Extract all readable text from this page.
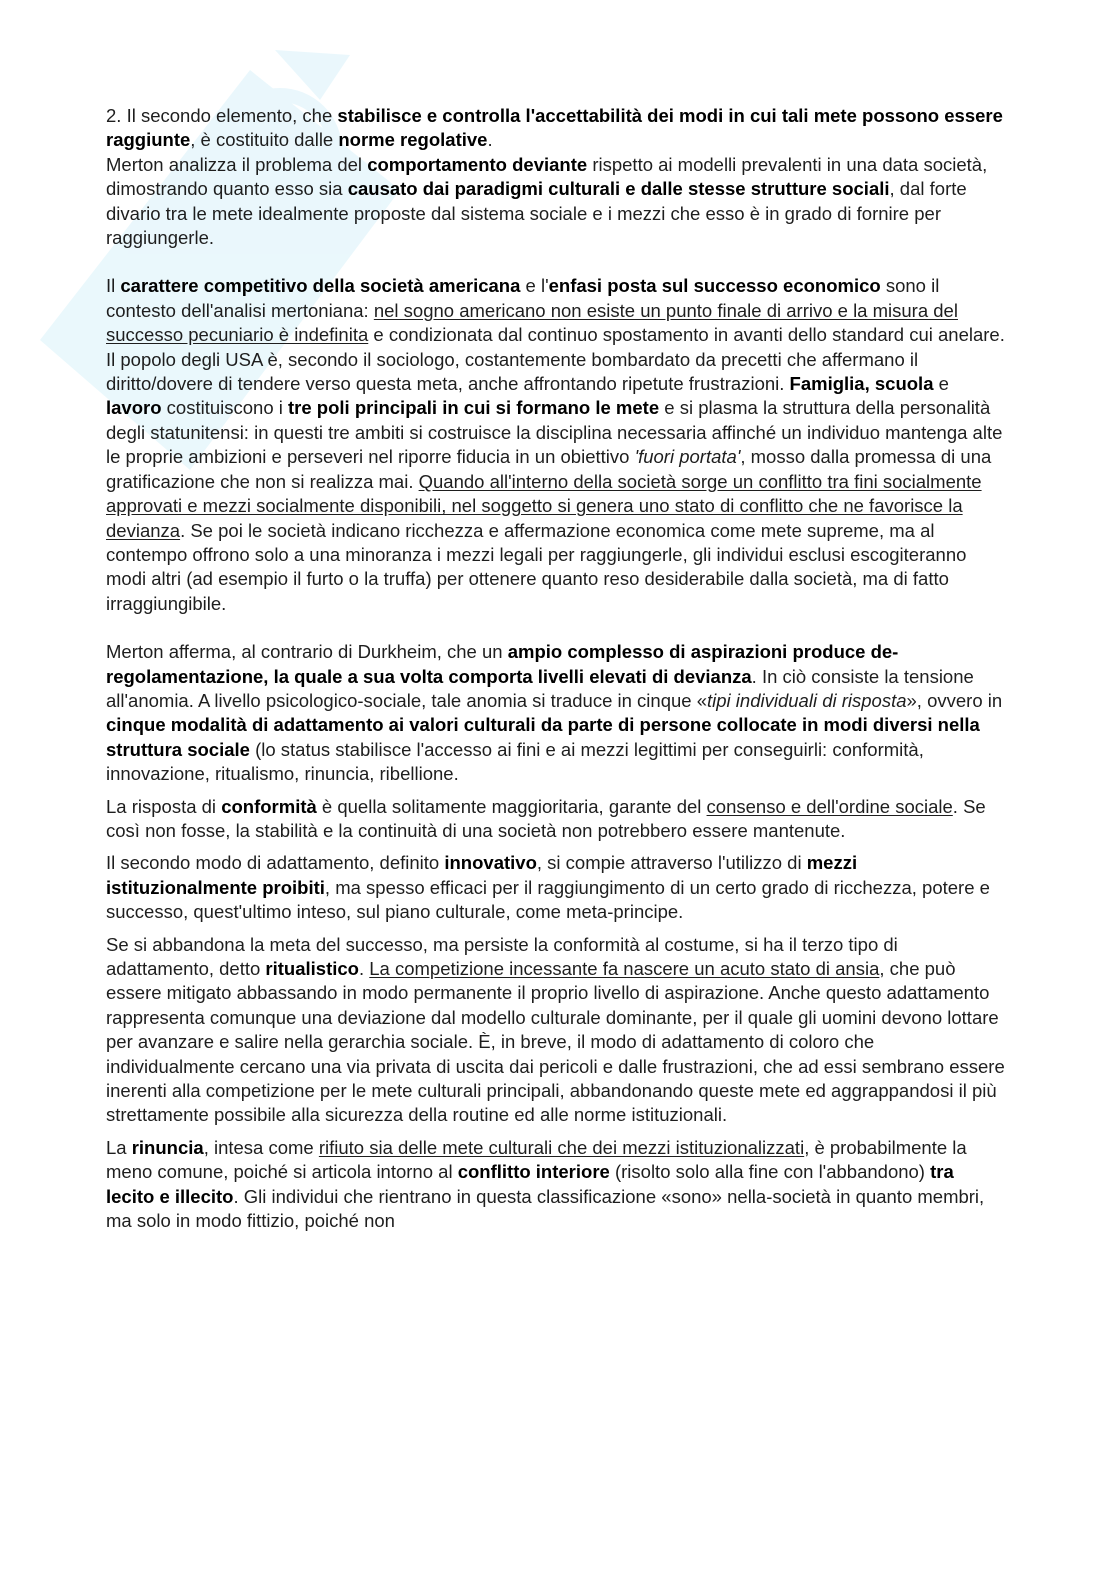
2. Il secondo elemento, che stabilisce e controlla l'accettabilità dei modi in cui tali mete possono essere raggiunte, è costituito dalle norme regolative.

Merton analizza il problema del comportamento deviante rispetto ai modelli prevalenti in una data società, dimostrando quanto esso sia causato dai paradigmi culturali e dalle stesse strutture sociali, dal forte divario tra le mete idealmente proposte dal sistema sociale e i mezzi che esso è in grado di fornire per raggiungerle.

Il carattere competitivo della società americana e l'enfasi posta sul successo economico sono il contesto dell'analisi mertoniana: nel sogno americano non esiste un punto finale di arrivo e la misura del successo pecuniario è indefinita e condizionata dal continuo spostamento in avanti dello standard cui anelare.

Il popolo degli USA è, secondo il sociologo, costantemente bombardato da precetti che affermano il diritto/dovere di tendere verso questa meta, anche affrontando ripetute frustrazioni. Famiglia, scuola e lavoro costituiscono i tre poli principali in cui si formano le mete e si plasma la struttura della personalità degli statunitensi: in questi tre ambiti si costruisce la disciplina necessaria affinché un individuo mantenga alte le proprie ambizioni e perseveri nel riporre fiducia in un obiettivo 'fuori portata', mosso dalla promessa di una gratificazione che non si realizza mai. Quando all'interno della società sorge un conflitto tra fini socialmente approvati e mezzi socialmente disponibili, nel soggetto si genera uno stato di conflitto che ne favorisce la devianza. Se poi le società indicano ricchezza e affermazione economica come mete supreme, ma al contempo offrono solo a una minoranza i mezzi legali per raggiungerle, gli individui esclusi escogiteranno modi altri (ad esempio il furto o la truffa) per ottenere quanto reso desiderabile dalla società, ma di fatto irraggiungibile.

Merton afferma, al contrario di Durkheim, che un ampio complesso di aspirazioni produce de-regolamentazione, la quale a sua volta comporta livelli elevati di devianza. In ciò consiste la tensione all'anomia. A livello psicologico-sociale, tale anomia si traduce in cinque «tipi individuali di risposta», ovvero in cinque modalità di adattamento ai valori culturali da parte di persone collocate in modi diversi nella struttura sociale (lo status stabilisce l'accesso ai fini e ai mezzi legittimi per conseguirli: conformità, innovazione, ritualismo, rinuncia, ribellione.

La risposta di conformità è quella solitamente maggioritaria, garante del consenso e dell'ordine sociale. Se così non fosse, la stabilità e la continuità di una società non potrebbero essere mantenute.

Il secondo modo di adattamento, definito innovativo, si compie attraverso l'utilizzo di mezzi istituzionalmente proibiti, ma spesso efficaci per il raggiungimento di un certo grado di ricchezza, potere e successo, quest'ultimo inteso, sul piano culturale, come meta-principe.

Se si abbandona la meta del successo, ma persiste la conformità al costume, si ha il terzo tipo di adattamento, detto ritualistico. La competizione incessante fa nascere un acuto stato di ansia, che può essere mitigato abbassando in modo permanente il proprio livello di aspirazione. Anche questo adattamento rappresenta comunque una deviazione dal modello culturale dominante, per il quale gli uomini devono lottare per avanzare e salire nella gerarchia sociale. È, in breve, il modo di adattamento di coloro che individualmente cercano una via privata di uscita dai pericoli e dalle frustrazioni, che ad essi sembrano essere inerenti alla competizione per le mete culturali principali, abbandonando queste mete ed aggrappandosi il più strettamente possibile alla sicurezza della routine ed alle norme istituzionali.

La rinuncia, intesa come rifiuto sia delle mete culturali che dei mezzi istituzionalizzati, è probabilmente la meno comune, poiché si articola intorno al conflitto interiore (risolto solo alla fine con l'abbandono) tra lecito e illecito. Gli individui che rientrano in questa classificazione «sono» nella-società in quanto membri, ma solo in modo fittizio, poiché non
